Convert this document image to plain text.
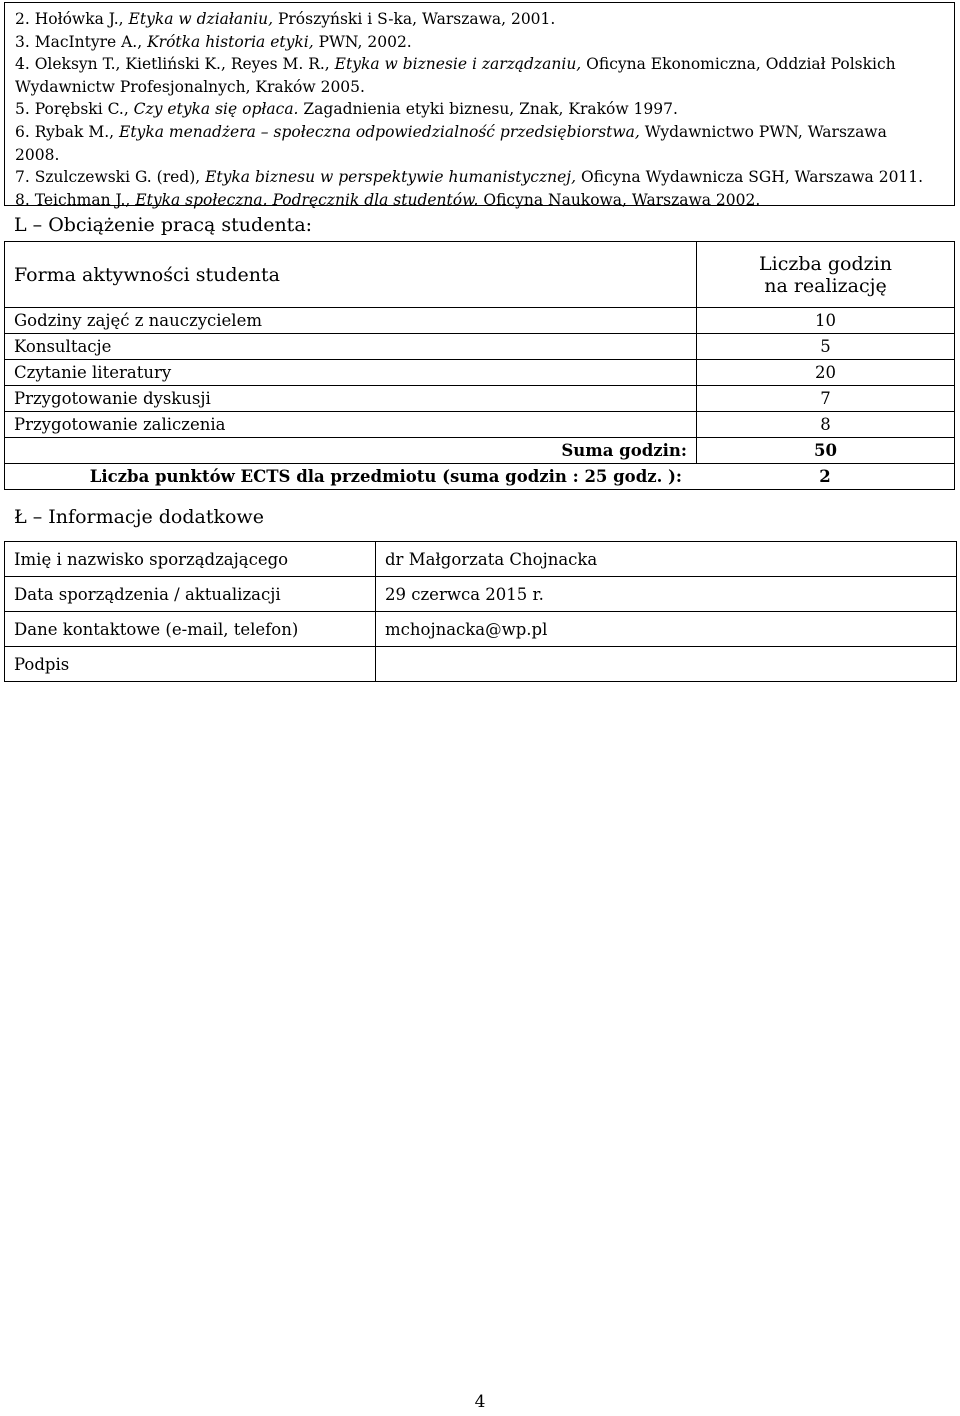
2. Hołówka J., Etyka w działaniu, Prószyński i S-ka, Warszawa, 2001.
3. MacIntyre A., Krótka historia etyki, PWN, 2002.
4. Oleksyn T., Kietliński K., Reyes M. R., Etyka w biznesie i zarządzaniu, Oficyna Ekonomiczna, Oddział Polskich
Wydawnictw Profesjonalnych, Kraków 2005.
5. Porębski C., Czy etyka się opłaca. Zagadnienia etyki biznesu, Znak, Kraków 1997.
6. Rybak M., Etyka menadżera – społeczna odpowiedzialność przedsiębiorstwa, Wydawnictwo PWN, Warszawa
2008.
7. Szulczewski G. (red), Etyka biznesu w perspektywie humanistycznej, Oficyna Wydawnicza SGH, Warszawa 2011.
8. Teichman J., Etyka społeczna. Podręcznik dla studentów. Oficyna Naukowa, Warszawa 2002.
L – Obciążenie pracą studenta:
Forma aktywności studenta	Liczba godzin
na realizację

Godziny zajęć z nauczycielem	10
Konsultacje	5
Czytanie literatury	20
Przygotowanie dyskusji	7
Przygotowanie zaliczenia	8
Suma godzin:	50

Liczba punktów ECTS dla przedmiotu (suma godzin : 25 godz. ): 2	
Ł – Informacje dodatkowe
Imię i nazwisko sporządzającego	dr Małgorzata Chojnacka
Data sporządzenia / aktualizacji	29 czerwca 2015 r.
Dane kontaktowe (e-mail, telefon)	mchojnacka@wp.pl
Podpis	
4
